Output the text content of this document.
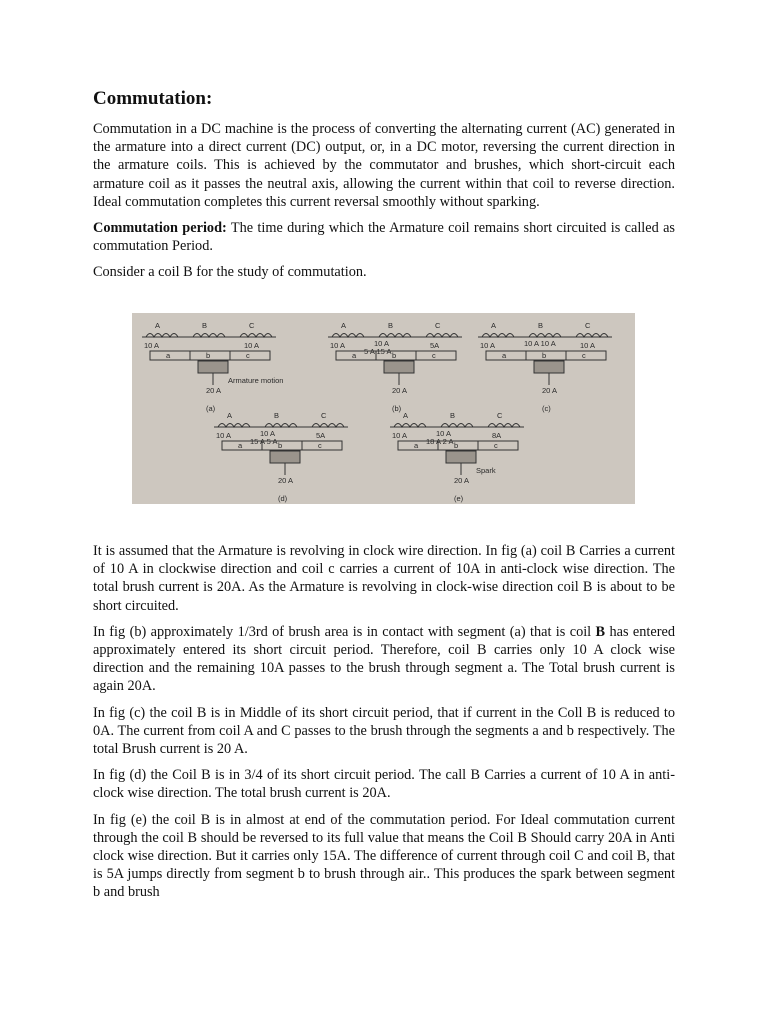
Commutation:

Commutation in a DC machine is the process of converting the alternating current (AC) generated in the armature into a direct current (DC) output, or, in a DC motor, reversing the current direction in the armature coils. This is achieved by the commutator and brushes, which short-circuit each armature coil as it passes the neutral axis, allowing the current within that coil to reverse direction. Ideal commutation completes this current reversal smoothly without sparking.

Commutation period: The time during which the Armature coil remains short circuited is called as commutation Period.

Consider a coil B for the study of commutation.

A	B	C
a	b	c
20 A
10 A	10 A
Armature motion
(a)
A	B	C
a	b	c
20 A
10 A	5A
10 A
5 A 15 A
(b)
A	B	C
a	b	c
20 A
10 A	10 A
10 A 10 A
(c)
A	B	C
a	b	c
20 A
10 A	5A
10 A
15 A 5 A
(d)
A	B	C
a	b	c
20 A
10 A	8A
10 A
18 A 2 A
Spark
(e)

It is assumed that the Armature is revolving in clock wire direction. In fig (a) coil B Carries a current of 10 A in clockwise direction and coil c carries a current of 10A in anti-clock wise direction. The total brush current is 20A. As the Armature is revolving in clock-wise direction coil B is about to be short circuited.

In fig (b) approximately 1/3rd of brush area is in contact with segment (a) that is coil B has entered approximately entered its short circuit period. Therefore, coil B carries only 10 A clock wise direction and the remaining 10A passes to the brush through segment a. The Total brush current is again 20A.

In fig (c) the coil B is in Middle of its short circuit period, that if current in the Coll B is reduced to 0A. The current from coil A and C passes to the brush through the segments a and b respectively. The total Brush current is 20 A.

In fig (d) the Coil B is in 3/4 of its short circuit period. The call B Carries a current of 10 A in anti-clock wise direction. The total brush current is 20A.

In fig (e) the coil B is in almost at end of the commutation period. For Ideal commutation current through the coil B should be reversed to its full value that means the Coil B Should carry 20A in Anti clock wise direction. But it carries only 15A. The difference of current through coil C and coil B, that is 5A jumps directly from segment b to brush through air.. This produces the spark between segment b and brush
